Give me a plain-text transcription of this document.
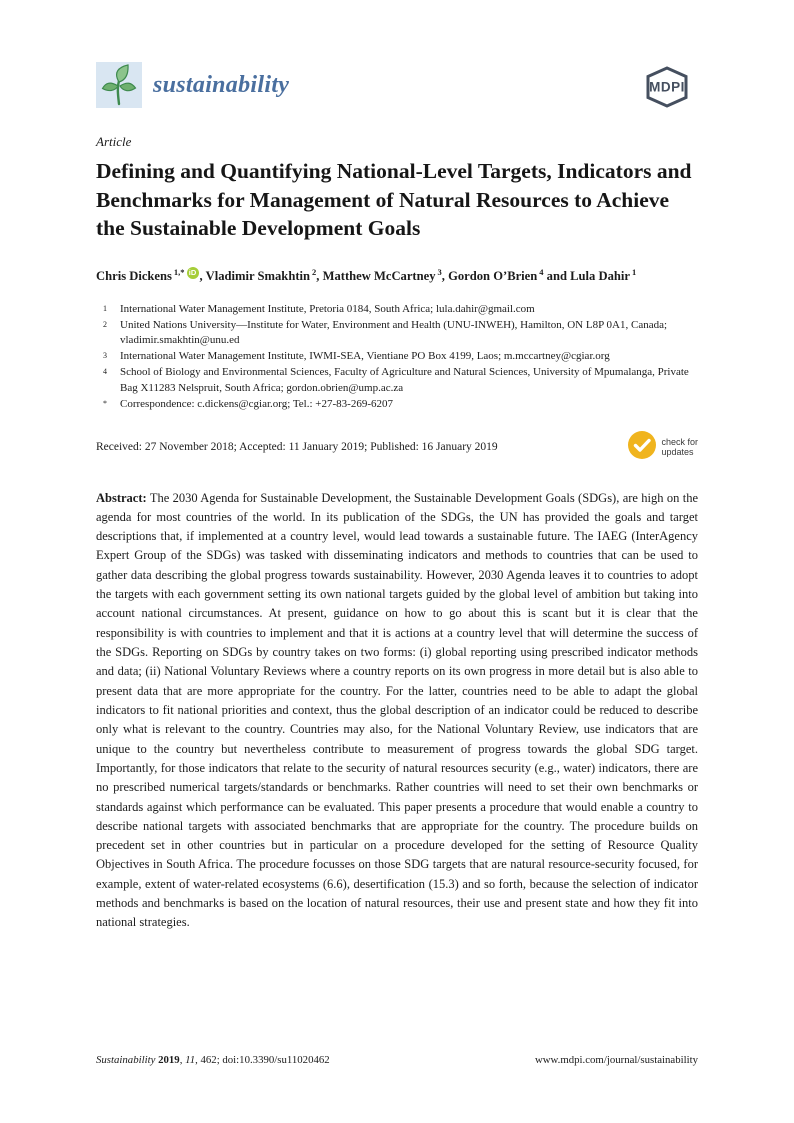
sustainability	MDPI
Article
Defining and Quantifying National-Level Targets, Indicators and Benchmarks for Management of Natural Resources to Achieve the Sustainable Development Goals

Chris Dickens $^{1,*}$ iD , Vladimir Smakhtin $^2$, Matthew McCartney $^3$, Gordon O’Brien $^4$ and Lula Dahir $^1$

1	International Water Management Institute, Pretoria 0184, South Africa; lula.dahir@gmail.com
2	United Nations University—Institute for Water, Environment and Health (UNU-INWEH), Hamilton, ON L8P 0A1, Canada; vladimir.smakhtin@unu.ed
3	International Water Management Institute, IWMI-SEA, Vientiane PO Box 4199, Laos; m.mccartney@cgiar.org
4	School of Biology and Environmental Sciences, Faculty of Agriculture and Natural Sciences, University of Mpumalanga, Private Bag X11283 Nelspruit, South Africa; gordon.obrien@ump.ac.za
*	Correspondence: c.dickens@cgiar.org; Tel.: +27-83-269-6207
Received: 27 November 2018; Accepted: 11 January 2019; Published: 16 January 2019	check for
updates

Abstract: The 2030 Agenda for Sustainable Development, the Sustainable Development Goals (SDGs), are high on the agenda for most countries of the world. In its publication of the SDGs, the UN has provided the goals and target descriptions that, if implemented at a country level, would lead towards a sustainable future. The IAEG (InterAgency Expert Group of the SDGs) was tasked with disseminating indicators and methods to countries that can be used to gather data describing the global progress towards sustainability. However, 2030 Agenda leaves it to countries to adopt the targets with each government setting its own national targets guided by the global level of ambition but taking into account national circumstances. At present, guidance on how to go about this is scant but it is clear that the responsibility is with countries to implement and that it is actions at a country level that will determine the success of the SDGs. Reporting on SDGs by country takes on two forms: (i) global reporting using prescribed indicator methods and data; (ii) National Voluntary Reviews where a country reports on its own progress in more detail but is also able to present data that are more appropriate for the country. For the latter, countries need to be able to adapt the global indicators to fit national priorities and context, thus the global description of an indicator could be reduced to describe only what is relevant to the country. Countries may also, for the National Voluntary Review, use indicators that are unique to the country but nevertheless contribute to measurement of progress towards the global SDG target. Importantly, for those indicators that relate to the security of natural resources security (e.g., water) indicators, there are no prescribed numerical targets/standards or benchmarks. Rather countries will need to set their own benchmarks or standards against which performance can be evaluated. This paper presents a procedure that would enable a country to describe national targets with associated benchmarks that are appropriate for the country. The procedure builds on precedent set in other countries but in particular on a procedure developed for the setting of Resource Quality Objectives in South Africa. The procedure focusses on those SDG targets that are natural resource-security focused, for example, extent of water-related ecosystems (6.6), desertification (15.3) and so forth, because the selection of indicator methods and benchmarks is based on the location of natural resources, their use and present state and how they fit into national strategies.

Sustainability 2019, 11, 462; doi:10.3390/su11020462	www.mdpi.com/journal/sustainability
